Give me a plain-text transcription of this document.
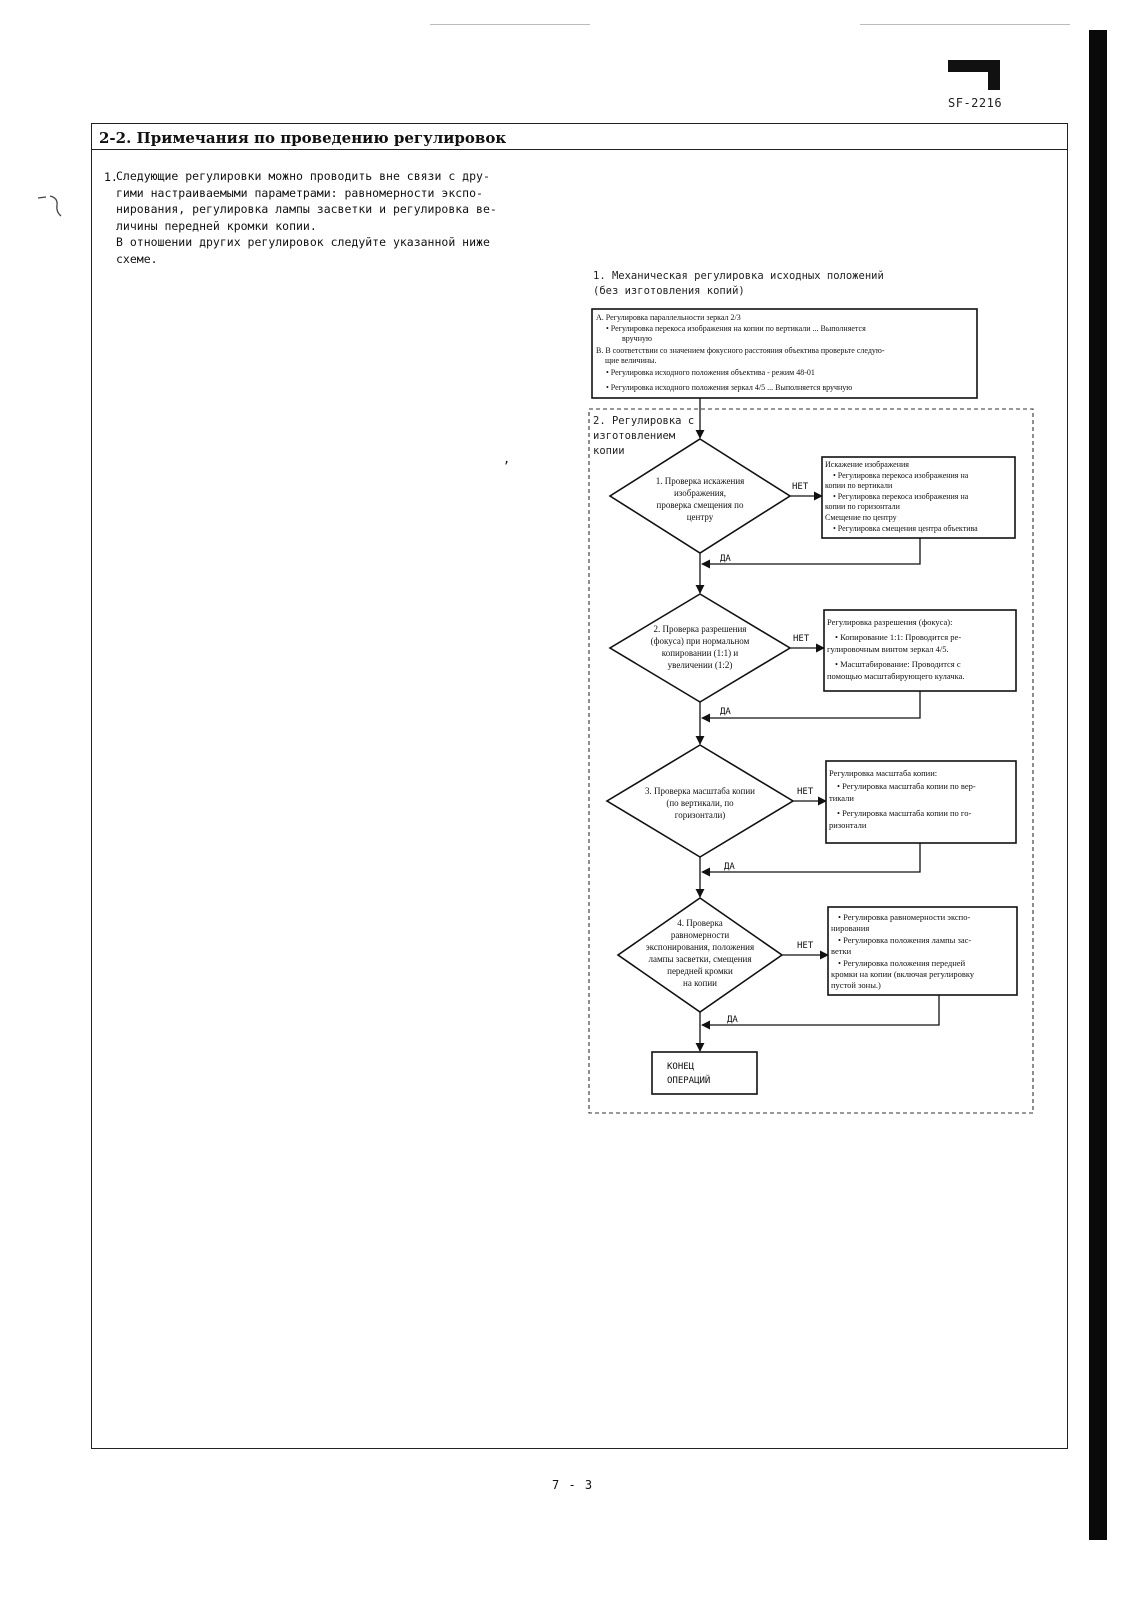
SF-2216
2-2. Примечания по проведению регулировок
1.
Следующие регулировки можно проводить вне связи с дру-
гими настраиваемыми параметрами: равномерности экспо-
нирования, регулировка лампы засветки и регулировка ве-
личины передней кромки копии.
В отношении других регулировок следуйте указанной ниже
схеме.
,
1. Механическая регулировка исходных положений
(без изготовления копий)
A. Регулировка параллельности зеркал 2/3
• Регулировка перекоса изображения на копии по вертикали ... Выполняется
вручную
B. В соответствии со значением фокусного расстояния объектива проверьте следую-
щие величины.
• Регулировка исходного положения объектива - режим 48-01
• Регулировка исходного положения зеркал 4/5 ... Выполняется вручную
2. Регулировка с
изготовлением
копии
1. Проверка искажения
изображения,
проверка смещения по
центру
НЕТ
Искажение изображения
• Регулировка перекоса изображения на
копии по вертикали
• Регулировка перекоса изображения на
копии по горизонтали
Смещение по центру
• Регулировка смещения центра объектива
ДА
2. Проверка разрешения
(фокуса) при нормальном
копировании (1:1) и
увеличении (1:2)
НЕТ
Регулировка разрешения (фокуса):
• Копирование 1:1: Проводится ре-
гулировочным винтом зеркал 4/5.
• Масштабирование: Проводится с
помощью масштабирующего кулачка.
ДА
3. Проверка масштаба копии
(по вертикали, по
горизонтали)
НЕТ
Регулировка масштаба копии:
• Регулировка масштаба копии по вер-
тикали
• Регулировка масштаба копии по го-
ризонтали
ДА
4. Проверка
равномерности
экспонирования, положения
лампы засветки, смещения
передней кромки
на копии
НЕТ
• Регулировка равномерности экспо-
нирования
• Регулировка положения лампы зас-
ветки
• Регулировка положения передней
кромки на копии (включая регулировку
пустой зоны.)
ДА
КОНЕЦ
ОПЕРАЦИЙ
7 - 3
